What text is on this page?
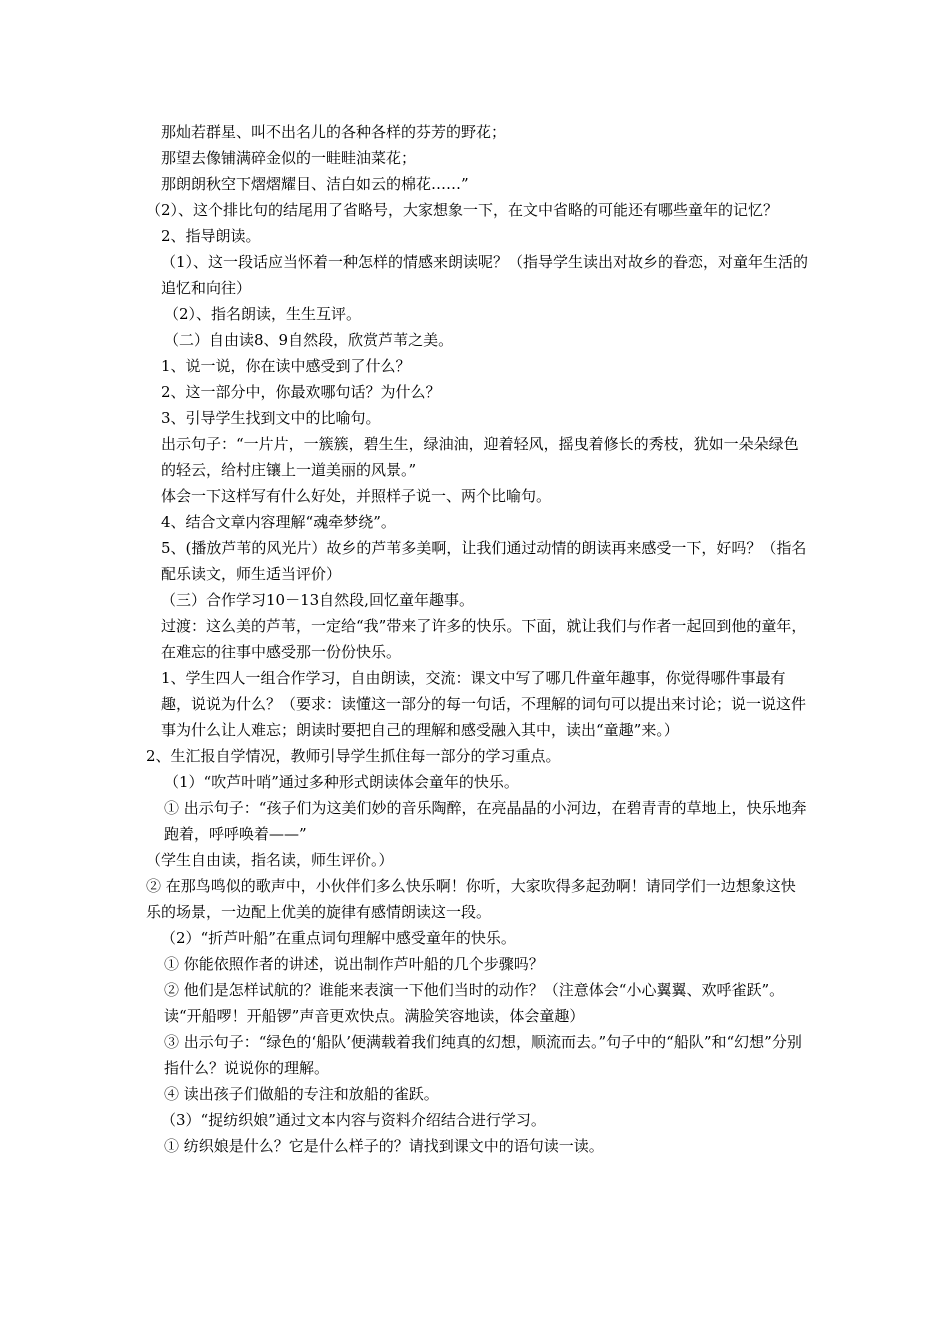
那灿若群星、叫不出名儿的各种各样的芬芳的野花；

那望去像铺满碎金似的一畦畦油菜花；

那朗朗秋空下熠熠耀目、洁白如云的棉花……”

（2）、这个排比句的结尾用了省略号，大家想象一下，在文中省略的可能还有哪些童年的记忆？

2、指导朗读。

（1）、这一段话应当怀着一种怎样的情感来朗读呢？（指导学生读出对故乡的眷恋，对童年生活的追忆和向往）

（2）、指名朗读，生生互评。

（二）自由读8、9自然段，欣赏芦苇之美。

1、说一说，你在读中感受到了什么？

2、这一部分中，你最欢哪句话？为什么？

3、引导学生找到文中的比喻句。

出示句子：“一片片，一簇簇，碧生生，绿油油，迎着轻风，摇曳着修长的秀枝，犹如一朵朵绿色的轻云，给村庄镶上一道美丽的风景。”

体会一下这样写有什么好处，并照样子说一、两个比喻句。

4、结合文章内容理解“魂牵梦绕”。

5、(播放芦苇的风光片）故乡的芦苇多美啊，让我们通过动情的朗读再来感受一下，好吗？（指名配乐读文，师生适当评价）

（三）合作学习10－13自然段,回忆童年趣事。

过渡：这么美的芦苇，一定给“我”带来了许多的快乐。下面，就让我们与作者一起回到他的童年，在难忘的往事中感受那一份份快乐。

1、学生四人一组合作学习，自由朗读，交流：课文中写了哪几件童年趣事，你觉得哪件事最有趣，说说为什么？（要求：读懂这一部分的每一句话，不理解的词句可以提出来讨论；说一说这件事为什么让人难忘；朗读时要把自己的理解和感受融入其中，读出“童趣”来。）

2、生汇报自学情况，教师引导学生抓住每一部分的学习重点。

（1）“吹芦叶哨”通过多种形式朗读体会童年的快乐。

① 出示句子：“孩子们为这美们妙的音乐陶醉，在亮晶晶的小河边，在碧青青的草地上，快乐地奔跑着，呼呼唤着——”

（学生自由读，指名读，师生评价。）

② 在那鸟鸣似的歌声中，小伙伴们多么快乐啊！你听，大家吹得多起劲啊！请同学们一边想象这快乐的场景，一边配上优美的旋律有感情朗读这一段。

（2）“折芦叶船”在重点词句理解中感受童年的快乐。

① 你能依照作者的讲述，说出制作芦叶船的几个步骤吗？

② 他们是怎样试航的？谁能来表演一下他们当时的动作？（注意体会“小心翼翼、欢呼雀跃”。读“开船啰！开船锣”声音更欢快点。满脸笑容地读，体会童趣）

③ 出示句子：“绿色的‘船队’便满载着我们纯真的幻想，顺流而去。”句子中的“船队”和“幻想”分别指什么？说说你的理解。

④ 读出孩子们做船的专注和放船的雀跃。

（3）“捉纺织娘”通过文本内容与资料介绍结合进行学习。

① 纺织娘是什么？它是什么样子的？请找到课文中的语句读一读。
